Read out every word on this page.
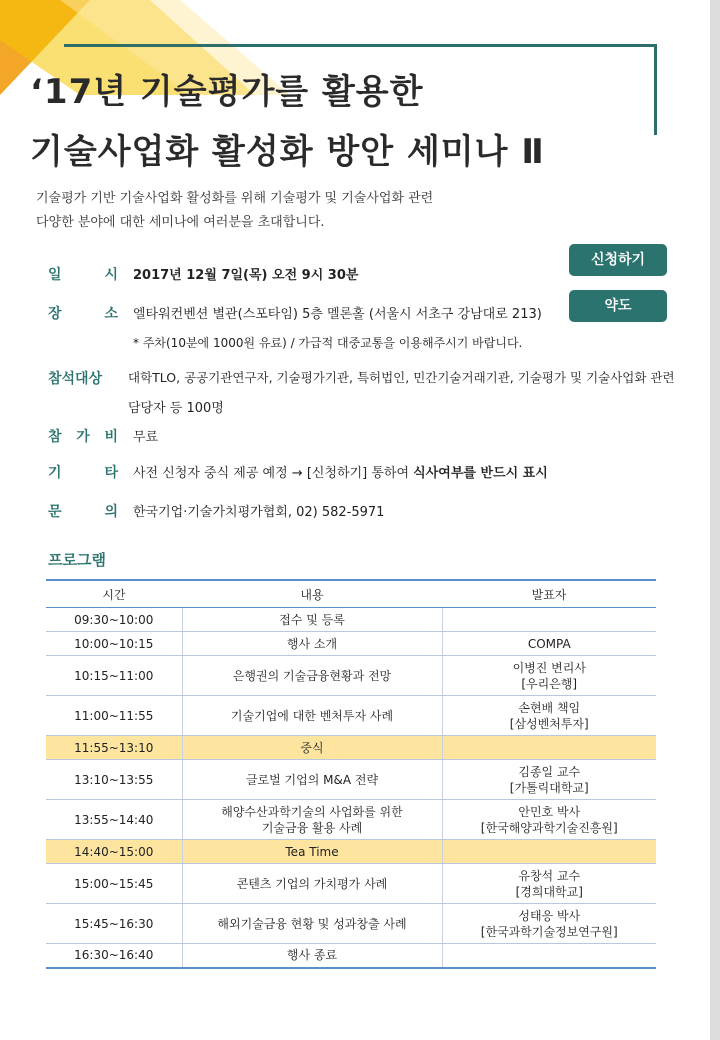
‘17년 기술평가를 활용한
기술사업화 활성화 방안 세미나 Ⅱ
기술평가 기반 기술사업화 활성화를 위해 기술평가 및 기술사업화 관련
다양한 분야에 대한 세미나에 여러분을 초대합니다.
신청하기
약도
일	시 2017년 12월 7일(목) 오전 9시 30분
장	소 엘타워컨벤션 별관(스포타임) 5층 멜론홀 (서울시 서초구 강남대로 213)
* 주차(10분에 1000원 유료) / 가급적 대중교통을 이용해주시기 바랍니다.
참석대상 대학TLO, 공공기관연구자, 기술평가기관, 특허법인, 민간기술거래기관, 기술평가 및 기술사업화 관련
담당자 등 100명
참 가 비 무료
기	타 사전 신청자 중식 제공 예정 → [신청하기] 통하여 식사여부를 반드시 표시
문	의 한국기업·기술가치평가협회, 02) 582-5971
프로그램
시간	내용	발표자
09:30~10:00	접수 및 등록	
10:00~10:15	행사 소개	COMPA
10:15~11:00	은행권의 기술금융현황과 전망	이병진 변리사
[우리은행]
11:00~11:55	기술기업에 대한 벤처투자 사례	손현배 책임
[삼성벤처투자]
11:55~13:10	중식	
13:10~13:55	글로벌 기업의 M&A 전략	김종일 교수
[가톨릭대학교]
13:55~14:40	해양수산과학기술의 사업화를 위한
기술금융 활용 사례	안민호 박사
[한국해양과학기술진흥원]
14:40~15:00	Tea Time	
15:00~15:45	콘텐츠 기업의 가치평가 사례	유창석 교수
[경희대학교]
15:45~16:30	해외기술금융 현황 및 성과창출 사례	성태응 박사
[한국과학기술정보연구원]
16:30~16:40	행사 종료	
